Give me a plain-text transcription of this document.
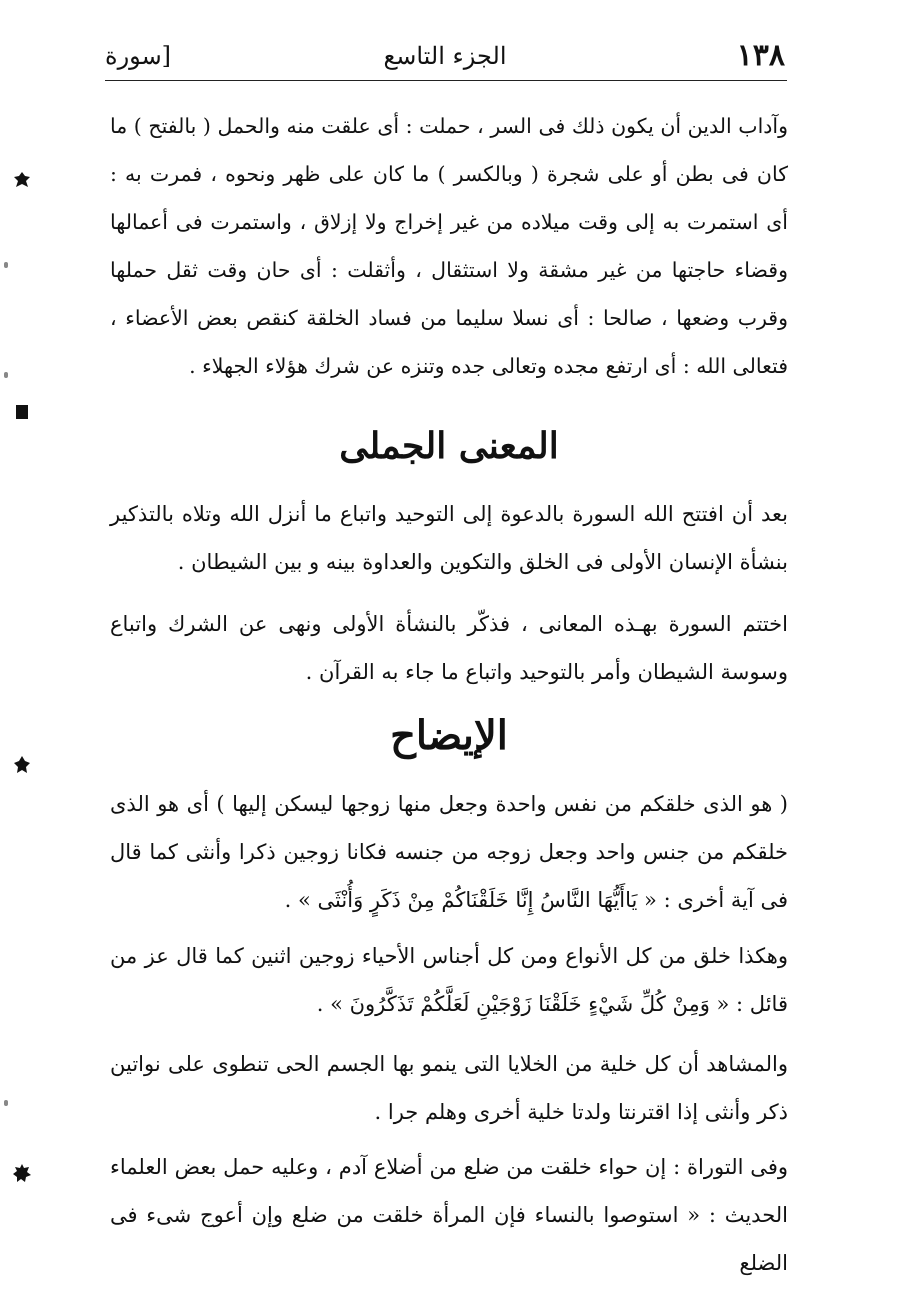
١٣٨
الجزء التاسع
[سورة

وآداب الدين أن يكون ذلك فى السر ، حملت : أى علقت منه والحمل ( بالفتح ) ما كان فى بطن أو على شجرة ( وبالكسر ) ما كان على ظهر ونحوه ، فمرت به : أى استمرت به إلى وقت ميلاده من غير إخراج ولا إزلاق ، واستمرت فى أعمالها وقضاء حاجتها من غير مشقة ولا استثقال ، وأثقلت : أى حان وقت ثقل حملها وقرب وضعها ، صالحا : أى نسلا سليما من فساد الخلقة كنقص بعض الأعضاء ، فتعالى الله : أى ارتفع مجده وتعالى جده وتنزه عن شرك هؤلاء الجهلاء .

المعنى الجملى

بعد أن افتتح الله السورة بالدعوة إلى التوحيد واتباع ما أنزل الله وتلاه بالتذكير بنشأة الإنسان الأولى فى الخلق والتكوين والعداوة بينه و بين الشيطان .

اختتم السورة بهـذه المعانى ، فذكّر بالنشأة الأولى ونهى عن الشرك واتباع وسوسة الشيطان وأمر بالتوحيد واتباع ما جاء به القرآن .

الإيضاح

( هو الذى خلقكم من نفس واحدة وجعل منها زوجها ليسكن إليها ) أى هو الذى خلقكم من جنس واحد وجعل زوجه من جنسه فكانا زوجين ذكرا وأنثى كما قال فى آية أخرى : « يَاأَيُّهَا النَّاسُ إِنَّا خَلَقْنَاكُمْ مِنْ ذَكَرٍ وَأُنْثَى » .

وهكذا خلق من كل الأنواع ومن كل أجناس الأحياء زوجين اثنين كما قال عز من قائل : « وَمِنْ كُلِّ شَيْءٍ خَلَقْنَا زَوْجَيْنِ لَعَلَّكُمْ تَذَكَّرُونَ » .

والمشاهد أن كل خلية من الخلايا التى ينمو بها الجسم الحى تنطوى على نواتين ذكر وأنثى إذا اقترنتا ولدتا خلية أخرى وهلم جرا .

وفى التوراة : إن حواء خلقت من ضلع من أضلاع آدم ، وعليه حمل بعض العلماء الحديث : « استوصوا بالنساء فإن المرأة خلقت من ضلع وإن أعوج شىء فى الضلع
